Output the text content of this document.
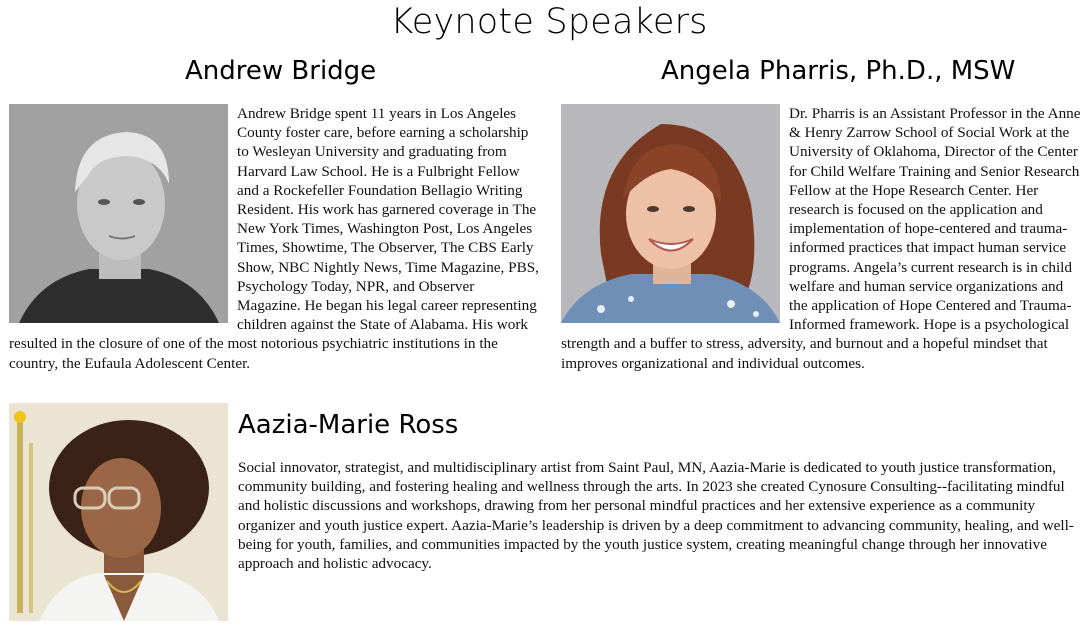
Keynote Speakers
Andrew Bridge
Andrew Bridge spent 11 years in Los Angeles County foster care, before earning a scholarship to Wesleyan University and graduating from Harvard Law School. He is a Fulbright Fellow and a Rockefeller Foundation Bellagio Writing Resident. His work has garnered coverage in The New York Times, Washington Post, Los Angeles Times, Showtime, The Observer, The CBS Early Show, NBC Nightly News, Time Magazine, PBS, Psychology Today, NPR, and Observer Magazine. He began his legal career representing children against the State of Alabama. His work resulted in the closure of one of the most notorious psychiatric institutions in the country, the Eufaula Adolescent Center.
Angela Pharris, Ph.D., MSW
Dr. Pharris is an Assistant Professor in the Anne & Henry Zarrow School of Social Work at the University of Oklahoma, Director of the Center for Child Welfare Training and Senior Research Fellow at the Hope Research Center. Her research is focused on the application and implementation of hope-centered and trauma-informed practices that impact human service programs. Angela’s current research is in child welfare and human service organizations and the application of Hope Centered and Trauma-Informed framework. Hope is a psychological strength and a buffer to stress, adversity, and burnout and a hopeful mindset that improves organizational and individual outcomes.
Aazia-Marie Ross
Social innovator, strategist, and multidisciplinary artist from Saint Paul, MN, Aazia-Marie is dedicated to youth justice transformation, community building, and fostering healing and wellness through the arts. In 2023 she created Cynosure Consulting--facilitating mindful and holistic discussions and workshops, drawing from her personal mindful practices and her extensive experience as a community organizer and youth justice expert. Aazia-Marie’s leadership is driven by a deep commitment to advancing community, healing, and well-being for youth, families, and communities impacted by the youth justice system, creating meaningful change through her innovative approach and holistic advocacy.
